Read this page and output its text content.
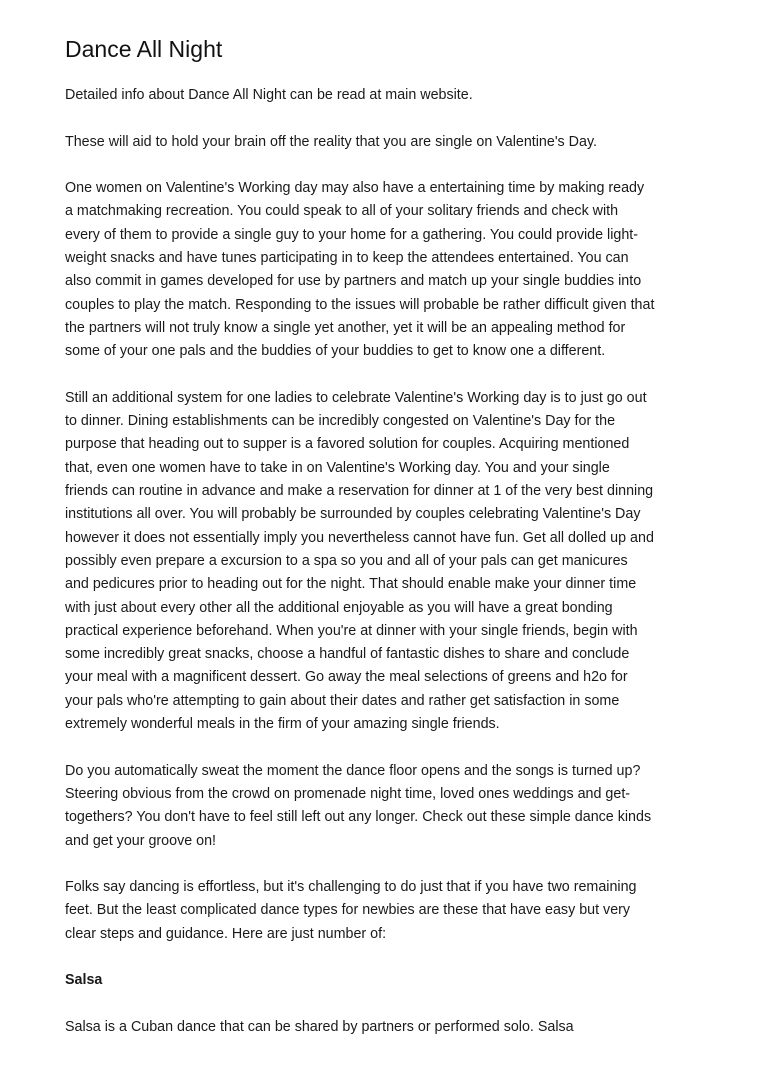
Dance All Night

Detailed info about Dance All Night can be read at main website.

These will aid to hold your brain off the reality that you are single on Valentine's Day.

One women on Valentine's Working day may also have a entertaining time by making ready
a matchmaking recreation. You could speak to all of your solitary friends and check with
every of them to provide a single guy to your home for a gathering. You could provide light-
weight snacks and have tunes participating in to keep the attendees entertained. You can
also commit in games developed for use by partners and match up your single buddies into
couples to play the match. Responding to the issues will probable be rather difficult given that
the partners will not truly know a single yet another, yet it will be an appealing method for
some of your one pals and the buddies of your buddies to get to know one a different.

Still an additional system for one ladies to celebrate Valentine's Working day is to just go out
to dinner. Dining establishments can be incredibly congested on Valentine's Day for the
purpose that heading out to supper is a favored solution for couples. Acquiring mentioned
that, even one women have to take in on Valentine's Working day. You and your single
friends can routine in advance and make a reservation for dinner at 1 of the very best dinning
institutions all over. You will probably be surrounded by couples celebrating Valentine's Day
however it does not essentially imply you nevertheless cannot have fun. Get all dolled up and
possibly even prepare a excursion to a spa so you and all of your pals can get manicures
and pedicures prior to heading out for the night. That should enable make your dinner time
with just about every other all the additional enjoyable as you will have a great bonding
practical experience beforehand. When you're at dinner with your single friends, begin with
some incredibly great snacks, choose a handful of fantastic dishes to share and conclude
your meal with a magnificent dessert. Go away the meal selections of greens and h2o for
your pals who're attempting to gain about their dates and rather get satisfaction in some
extremely wonderful meals in the firm of your amazing single friends.

Do you automatically sweat the moment the dance floor opens and the songs is turned up?
Steering obvious from the crowd on promenade night time, loved ones weddings and get-
togethers? You don't have to feel still left out any longer. Check out these simple dance kinds
and get your groove on!

Folks say dancing is effortless, but it's challenging to do just that if you have two remaining
feet. But the least complicated dance types for newbies are these that have easy but very
clear steps and guidance. Here are just number of:

Salsa

Salsa is a Cuban dance that can be shared by partners or performed solo. Salsa
